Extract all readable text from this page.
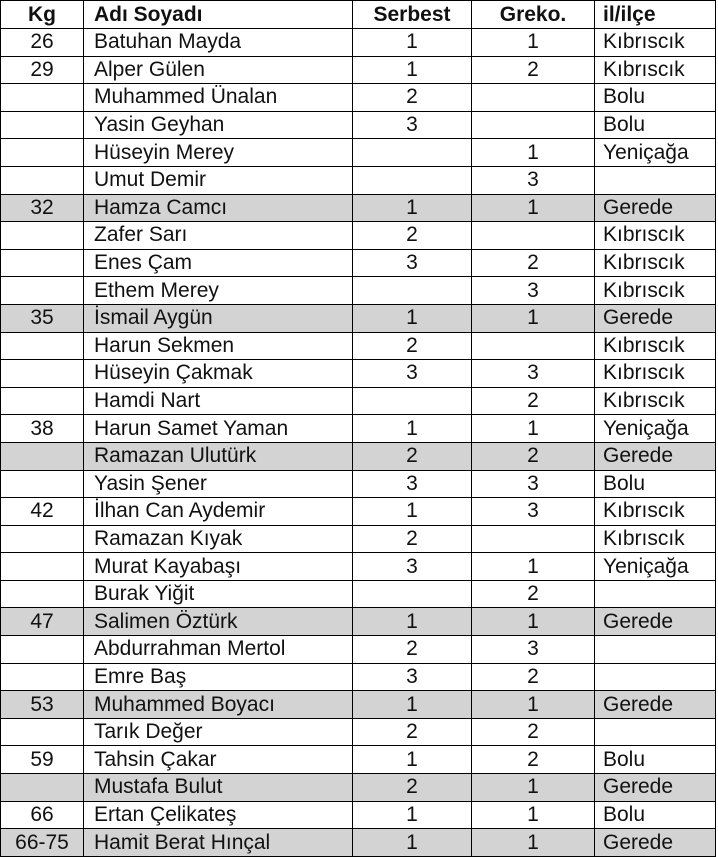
Kg	Adı Soyadı	Serbest	Greko.	il/ilçe
26	Batuhan Mayda	1	1	Kıbrıscık
29	Alper Gülen	1	2	Kıbrıscık
	Muhammed Ünalan	2		Bolu
	Yasin Geyhan	3		Bolu
	Hüseyin Merey		1	Yeniçağa
	Umut Demir		3	
32	Hamza Camcı	1	1	Gerede
	Zafer Sarı	2		Kıbrıscık
	Enes Çam	3	2	Kıbrıscık
	Ethem Merey		3	Kıbrıscık
35	İsmail Aygün	1	1	Gerede
	Harun Sekmen	2		Kıbrıscık
	Hüseyin Çakmak	3	3	Kıbrıscık
	Hamdi Nart		2	Kıbrıscık
38	Harun Samet Yaman	1	1	Yeniçağa
	Ramazan Ulutürk	2	2	Gerede
	Yasin Şener	3	3	Bolu
42	İlhan Can Aydemir	1	3	Kıbrıscık
	Ramazan Kıyak	2		Kıbrıscık
	Murat Kayabaşı	3	1	Yeniçağa
	Burak Yiğit		2	
47	Salimen Öztürk	1	1	Gerede
	Abdurrahman Mertol	2	3	
	Emre Baş	3	2	
53	Muhammed Boyacı	1	1	Gerede
	Tarık Değer	2	2	
59	Tahsin Çakar	1	2	Bolu
	Mustafa Bulut	2	1	Gerede
66	Ertan Çelikateş	1	1	Bolu
66-75	Hamit Berat Hınçal	1	1	Gerede
